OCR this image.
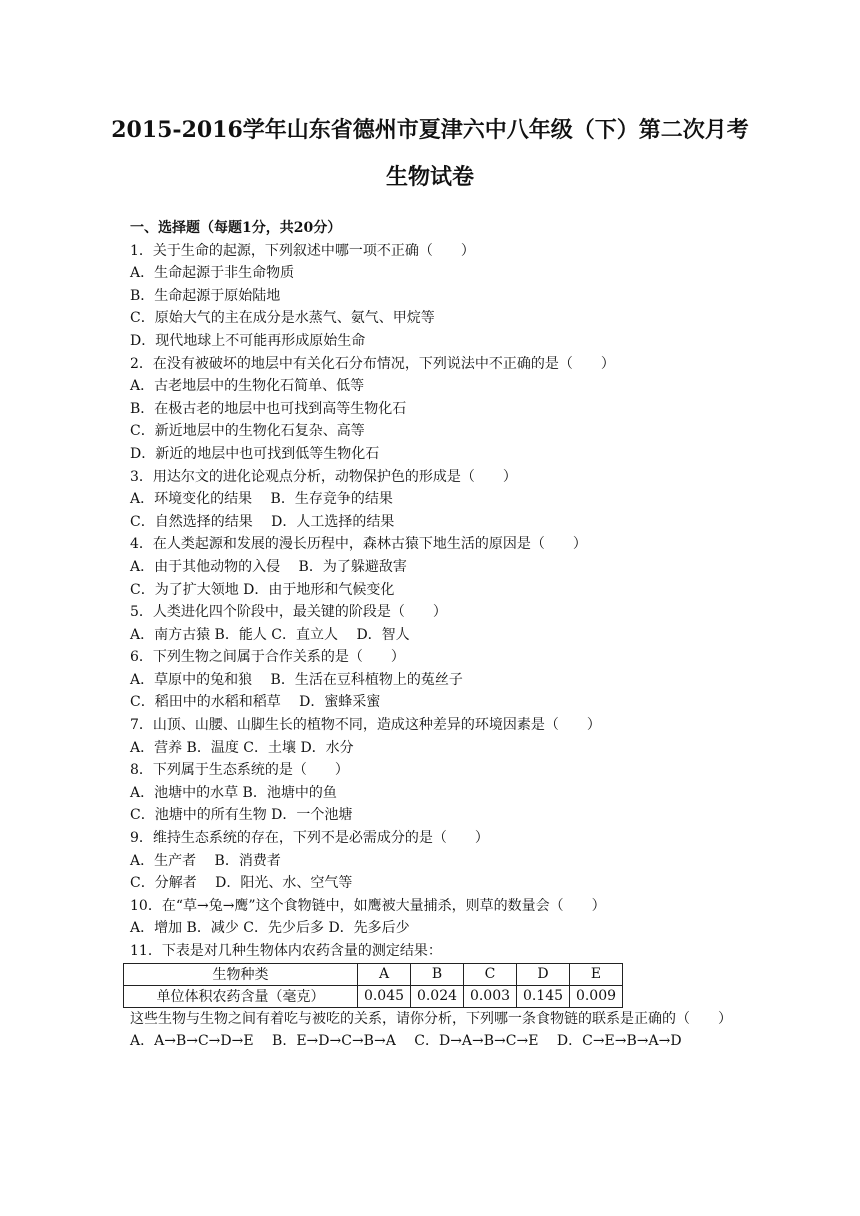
2015-2016学年山东省德州市夏津六中八年级（下）第二次月考
生物试卷
一、选择题（每题1分，共20分）
1．关于生命的起源，下列叙述中哪一项不正确（　　）
A．生命起源于非生命物质
B．生命起源于原始陆地
C．原始大气的主在成分是水蒸气、氨气、甲烷等
D．现代地球上不可能再形成原始生命
2．在没有被破坏的地层中有关化石分布情况，下列说法中不正确的是（　　）
A．古老地层中的生物化石简单、低等
B．在极古老的地层中也可找到高等生物化石
C．新近地层中的生物化石复杂、高等
D．新近的地层中也可找到低等生物化石
3．用达尔文的进化论观点分析，动物保护色的形成是（　　）
A．环境变化的结果　 B．生存竞争的结果
C．自然选择的结果　 D．人工选择的结果
4．在人类起源和发展的漫长历程中，森林古猿下地生活的原因是（　　）
A．由于其他动物的入侵　 B．为了躲避敌害
C．为了扩大领地 D．由于地形和气候变化
5．人类进化四个阶段中，最关键的阶段是（　　）
A．南方古猿 B．能人 C．直立人　 D．智人
6．下列生物之间属于合作关系的是（　　）
A．草原中的兔和狼　 B．生活在豆科植物上的菟丝子
C．稻田中的水稻和稻草　 D．蜜蜂采蜜
7．山顶、山腰、山脚生长的植物不同，造成这种差异的环境因素是（　　）
A．营养 B．温度 C．土壤 D．水分
8．下列属于生态系统的是（　　）
A．池塘中的水草 B．池塘中的鱼
C．池塘中的所有生物 D．一个池塘
9．维持生态系统的存在，下列不是必需成分的是（　　）
A．生产者　 B．消费者
C．分解者　 D．阳光、水、空气等
10．在“草→兔→鹰”这个食物链中，如鹰被大量捕杀，则草的数量会（　　）
A．增加 B．减少 C．先少后多 D．先多后少
11．下表是对几种生物体内农药含量的测定结果：
生物种类	A	B	C	D	E
单位体积农药含量（毫克）	0.045	0.024	0.003	0.145	0.009
这些生物与生物之间有着吃与被吃的关系，请你分析，下列哪一条食物链的联系是正确的（　　）
A．A→B→C→D→E　 B．E→D→C→B→A　 C．D→A→B→C→E　 D．C→E→B→A→D
